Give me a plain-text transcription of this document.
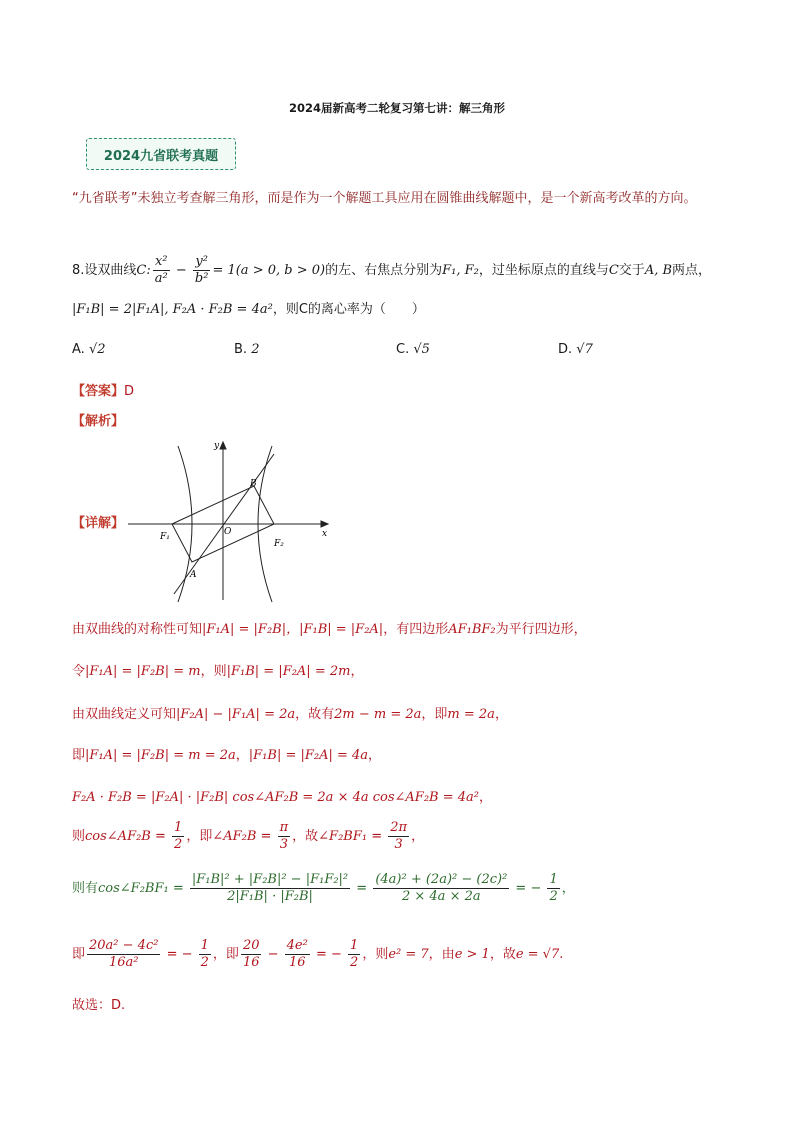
2024届新高考二轮复习第七讲：解三角形
2024九省联考真题
“九省联考”未独立考查解三角形，而是作为一个解题工具应用在圆锥曲线解题中，是一个新高考改革的方向。
8.设双曲线C: $\frac{\text{x²}}{\text{a²}} - \frac{\text{y²}}{\text{b²}} = 1(a > 0$, b > 0)的左、右焦点分别为F₁, F₂，过坐标原点的直线与C交于A, B两点，
|F₁B| = 2|F₁A|, F₂A · F₂B = 4a²，则C的离心率为（　　）
A. √2	B. 2	C. √5	D. √7
【答案】D
【解析】
【详解】
y
x
O
B
A
F₁
F₂
由双曲线的对称性可知|F₁A| = |F₂B|，|F₁B| = |F₂A|，有四边形AF₁BF₂为平行四边形，
令|F₁A| = |F₂B| = m，则|F₁B| = |F₂A| = 2m，
由双曲线定义可知|F₂A| − |F₁A| = 2a，故有2m − m = 2a，即m = 2a，
即|F₁A| = |F₂B| = m = 2a，|F₁B| = |F₂A| = 4a，
F₂A · F₂B = |F₂A| · |F₂B| cos∠AF₂B = 2a × 4a cos∠AF₂B = 4a²，
则cos∠AF₂B = $\frac{1}{2}$ ，即∠AF₂B = $\frac{\pi}{3}$ ，故∠F₂BF₁ = $\frac{2\pi}{3}$ ，
则有cos∠F₂BF₁ = $\frac{\text{|F₁B|² + |F₂B|² − |F₁F₂|²}}{\text{2|F₁B| · |F₂B|}} = \frac{\text{(4a)² + (2a)² − (2c)²}}{2 \times 4a \times 2a}$ = − $\frac{1}{2}$ ，
即 $\frac{\text{20a² − 4c²}}{\text{16a²}}$ = − $\frac{1}{2}$ ，即 $\frac{20}{16} - \frac{\text{4e²}}{16}$ = − $\frac{1}{2}$ ，则e² = 7，由e > 1，故e = √7.
故选：D.
